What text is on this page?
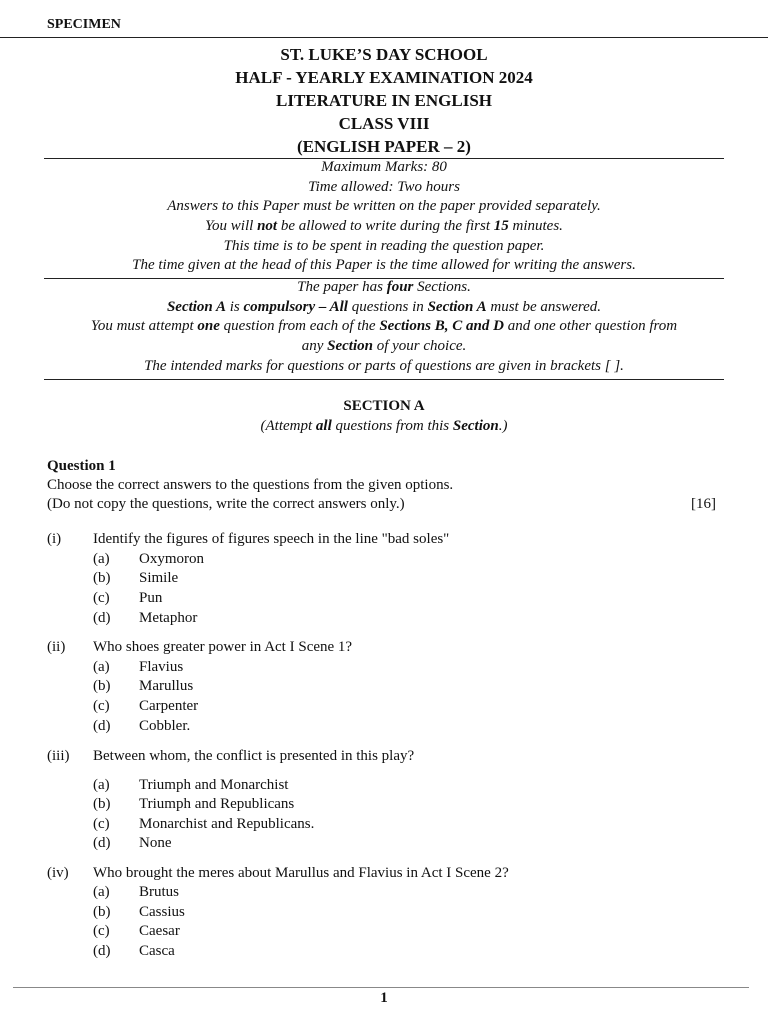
SPECIMEN
ST. LUKE’S DAY SCHOOL
HALF - YEARLY EXAMINATION 2024
LITERATURE IN ENGLISH
CLASS VIII
(ENGLISH PAPER – 2)
Maximum Marks: 80
Time allowed: Two hours
Answers to this Paper must be written on the paper provided separately.
You will not be allowed to write during the first 15 minutes.
This time is to be spent in reading the question paper.
The time given at the head of this Paper is the time allowed for writing the answers.
The paper has four Sections.
Section A is compulsory – All questions in Section A must be answered.
You must attempt one question from each of the Sections B, C and D and one other question from
any Section of your choice.
The intended marks for questions or parts of questions are given in brackets [ ].
SECTION A
(Attempt all questions from this Section.)
Question 1
Choose the correct answers to the questions from the given options.
(Do not copy the questions, write the correct answers only.)	[16]
(i) Identify the figures of figures speech in the line "bad soles"
(a) Oxymoron
(b) Simile
(c) Pun
(d) Metaphor
(ii) Who shoes greater power in Act I Scene 1?
(a) Flavius
(b) Marullus
(c) Carpenter
(d) Cobbler.
(iii) Between whom, the conflict is presented in this play?
(a) Triumph and Monarchist
(b) Triumph and Republicans
(c) Monarchist and Republicans.
(d) None
(iv) Who brought the meres about Marullus and Flavius in Act I Scene 2?
(a) Brutus
(b) Cassius
(c) Caesar
(d) Casca
1
